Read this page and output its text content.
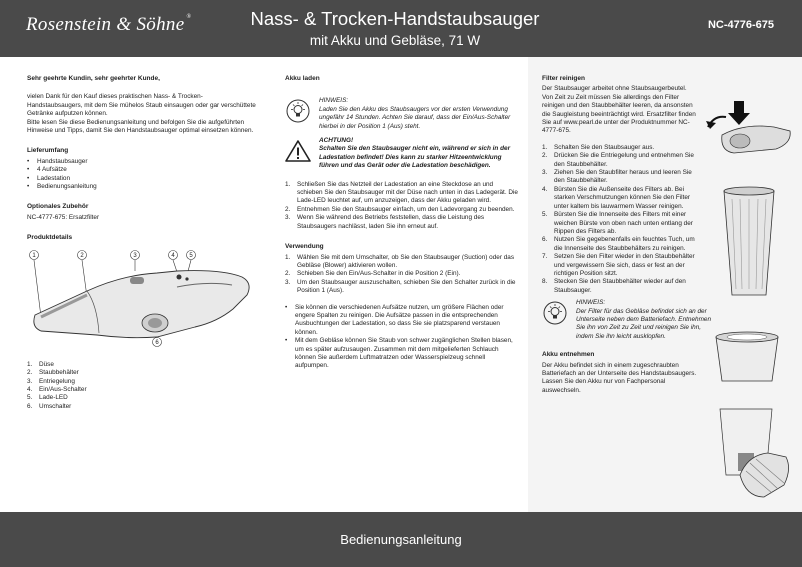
Rosenstein & Söhne ®	Nass- & Trocken-Handstaubsauger
mit Akku und Gebläse, 71 W
NC-4776-675
Sehr geehrte Kundin, sehr geehrter Kunde,

vielen Dank für den Kauf dieses praktischen Nass- & Trocken-Handstaubsaugers, mit dem Sie mühelos Staub einsaugen oder gar verschüttete Getränke aufputzen können.

Bitte lesen Sie diese Bedienungsanleitung und befolgen Sie die aufgeführten Hinweise und Tipps, damit Sie den Handstaubsauger optimal einsetzen können.

Lieferumfang
• Handstaubsauger
• 4 Aufsätze
• Ladestation
• Bedienungsanleitung
Optionales Zubehör

NC-4777-675: Ersatzfilter

Produktdetails
1	2	3	4 5
6
1. Düse
2. Staubbehälter
3. Entriegelung
4. Ein/Aus-Schalter
5. Lade-LED
6. Umschalter
Akku laden

HINWEIS:

Laden Sie den Akku des Staubsaugers vor der ersten Verwendung ungefähr 14 Stunden. Achten Sie darauf, dass der Ein/Aus-Schalter hierbei in der Position 1 (Aus) steht.

ACHTUNG!

Schalten Sie den Staubsauger nicht ein, während er sich in der Ladestation befindet! Dies kann zu starker Hitzeentwicklung führen und das Gerät oder die Ladestation beschädigen.

1. Schließen Sie das Netzteil der Ladestation an eine Steckdose an und schieben Sie den Staubsauger mit der Düse nach unten in das Ladegerät. Die Lade-LED leuchtet auf, um anzuzeigen, dass der Akku geladen wird.
2. Entnehmen Sie den Staubsauger einfach, um den Ladevorgang zu beenden.
3. Wenn Sie während des Betriebs feststellen, dass die Leistung des Staubsaugers nachlässt, laden Sie ihn erneut auf.
Verwendung
1. Wählen Sie mit dem Umschalter, ob Sie den Staubsauger (Suction) oder das Gebläse (Blower) aktivieren wollen.
2. Schieben Sie den Ein/Aus-Schalter in die Position 2 (Ein).
3. Um den Staubsauger auszuschalten, schieben Sie den Schalter zurück in die Position 1 (Aus).
• Sie können die verschiedenen Aufsätze nutzen, um größere Flächen oder engere Spalten zu reinigen. Die Aufsätze passen in die entsprechenden Ausbuchtungen der Ladestation, so dass Sie sie platzsparend verstauen können.
• Mit dem Gebläse können Sie Staub von schwer zugänglichen Stellen blasen, um es später aufzusaugen. Zusammen mit dem mitgelieferten Schlauch können Sie außerdem Luftmatratzen oder Wasserspielzeug schnell aufpumpen.
Filter reinigen

Der Staubsauger arbeitet ohne Staubsaugerbeutel. Von Zeit zu Zeit müssen Sie allerdings den Filter reinigen und den Staubbehälter leeren, da ansonsten die Saugleistung beeinträchtigt wird. Ersatzfilter finden Sie auf www.pearl.de unter der Produktnummer NC-4777-675.

1. Schalten Sie den Staubsauger aus.
2. Drücken Sie die Entriegelung und entnehmen Sie den Staubbehälter.
3. Ziehen Sie den Staubfilter heraus und leeren Sie den Staubbehälter.
4. Bürsten Sie die Außenseite des Filters ab. Bei starken Verschmutzungen können Sie den Filter unter kaltem bis lauwarmem Wasser reinigen.
5. Bürsten Sie die Innenseite des Filters mit einer weichen Bürste von oben nach unten entlang der Rippen des Filters ab.
6. Nutzen Sie gegebenenfalls ein feuchtes Tuch, um die Innenseite des Staubbehälters zu reinigen.
7. Setzen Sie den Filter wieder in den Staubbehälter und vergewissern Sie sich, dass er fest an der richtigen Position sitzt.
8. Stecken Sie den Staubbehälter wieder auf den Staubsauger.

HINWEIS:

Der Filter für das Gebläse befindet sich an der Unterseite neben dem Batteriefach. Entnehmen Sie ihn von Zeit zu Zeit und reinigen Sie ihn, indem Sie ihn leicht ausklopfen.

Akku entnehmen

Der Akku befindet sich in einem zugeschraubten Batteriefach an der Unterseite des Handstaubsaugers. Lassen Sie den Akku nur von Fachpersonal auswechseln.

Bedienungsanleitung
